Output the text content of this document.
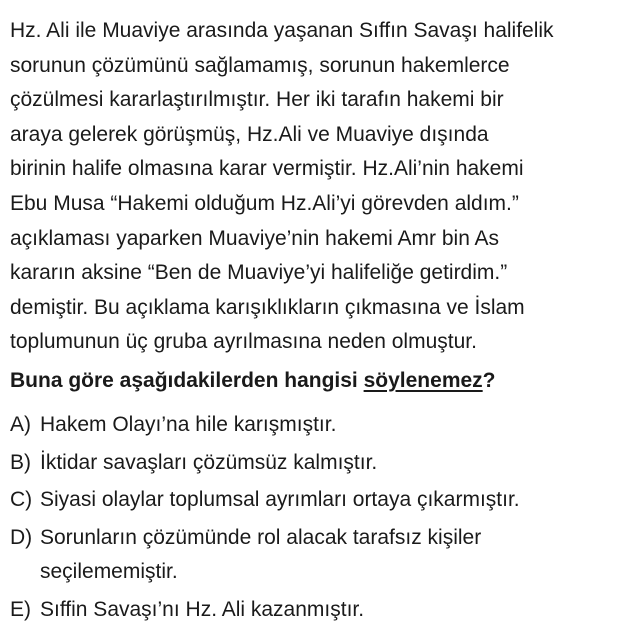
Hz. Ali ile Muaviye arasında yaşanan Sıffın Savaşı halifelik
sorunun çözümünü sağlamamış, sorunun hakemlerce
çözülmesi kararlaştırılmıştır. Her iki tarafın hakemi bir
araya gelerek görüşmüş, Hz.Ali ve Muaviye dışında
birinin halife olmasına karar vermiştir. Hz.Ali’nin hakemi
Ebu Musa “Hakemi olduğum Hz.Ali’yi görevden aldım.”
açıklaması yaparken Muaviye’nin hakemi Amr bin As
kararın aksine “Ben de Muaviye’yi halifeliğe getirdim.”
demiştir. Bu açıklama karışıklıkların çıkmasına ve İslam
toplumunun üç gruba ayrılmasına neden olmuştur.
Buna göre aşağıdakilerden hangisi söylenemez?
A) Hakem Olayı’na hile karışmıştır.
B) İktidar savaşları çözümsüz kalmıştır.
C) Siyasi olaylar toplumsal ayrımları ortaya çıkarmıştır.
D) Sorunların çözümünde rol alacak tarafsız kişiler
seçilememiştir.
E) Sıffin Savaşı’nı Hz. Ali kazanmıştır.
